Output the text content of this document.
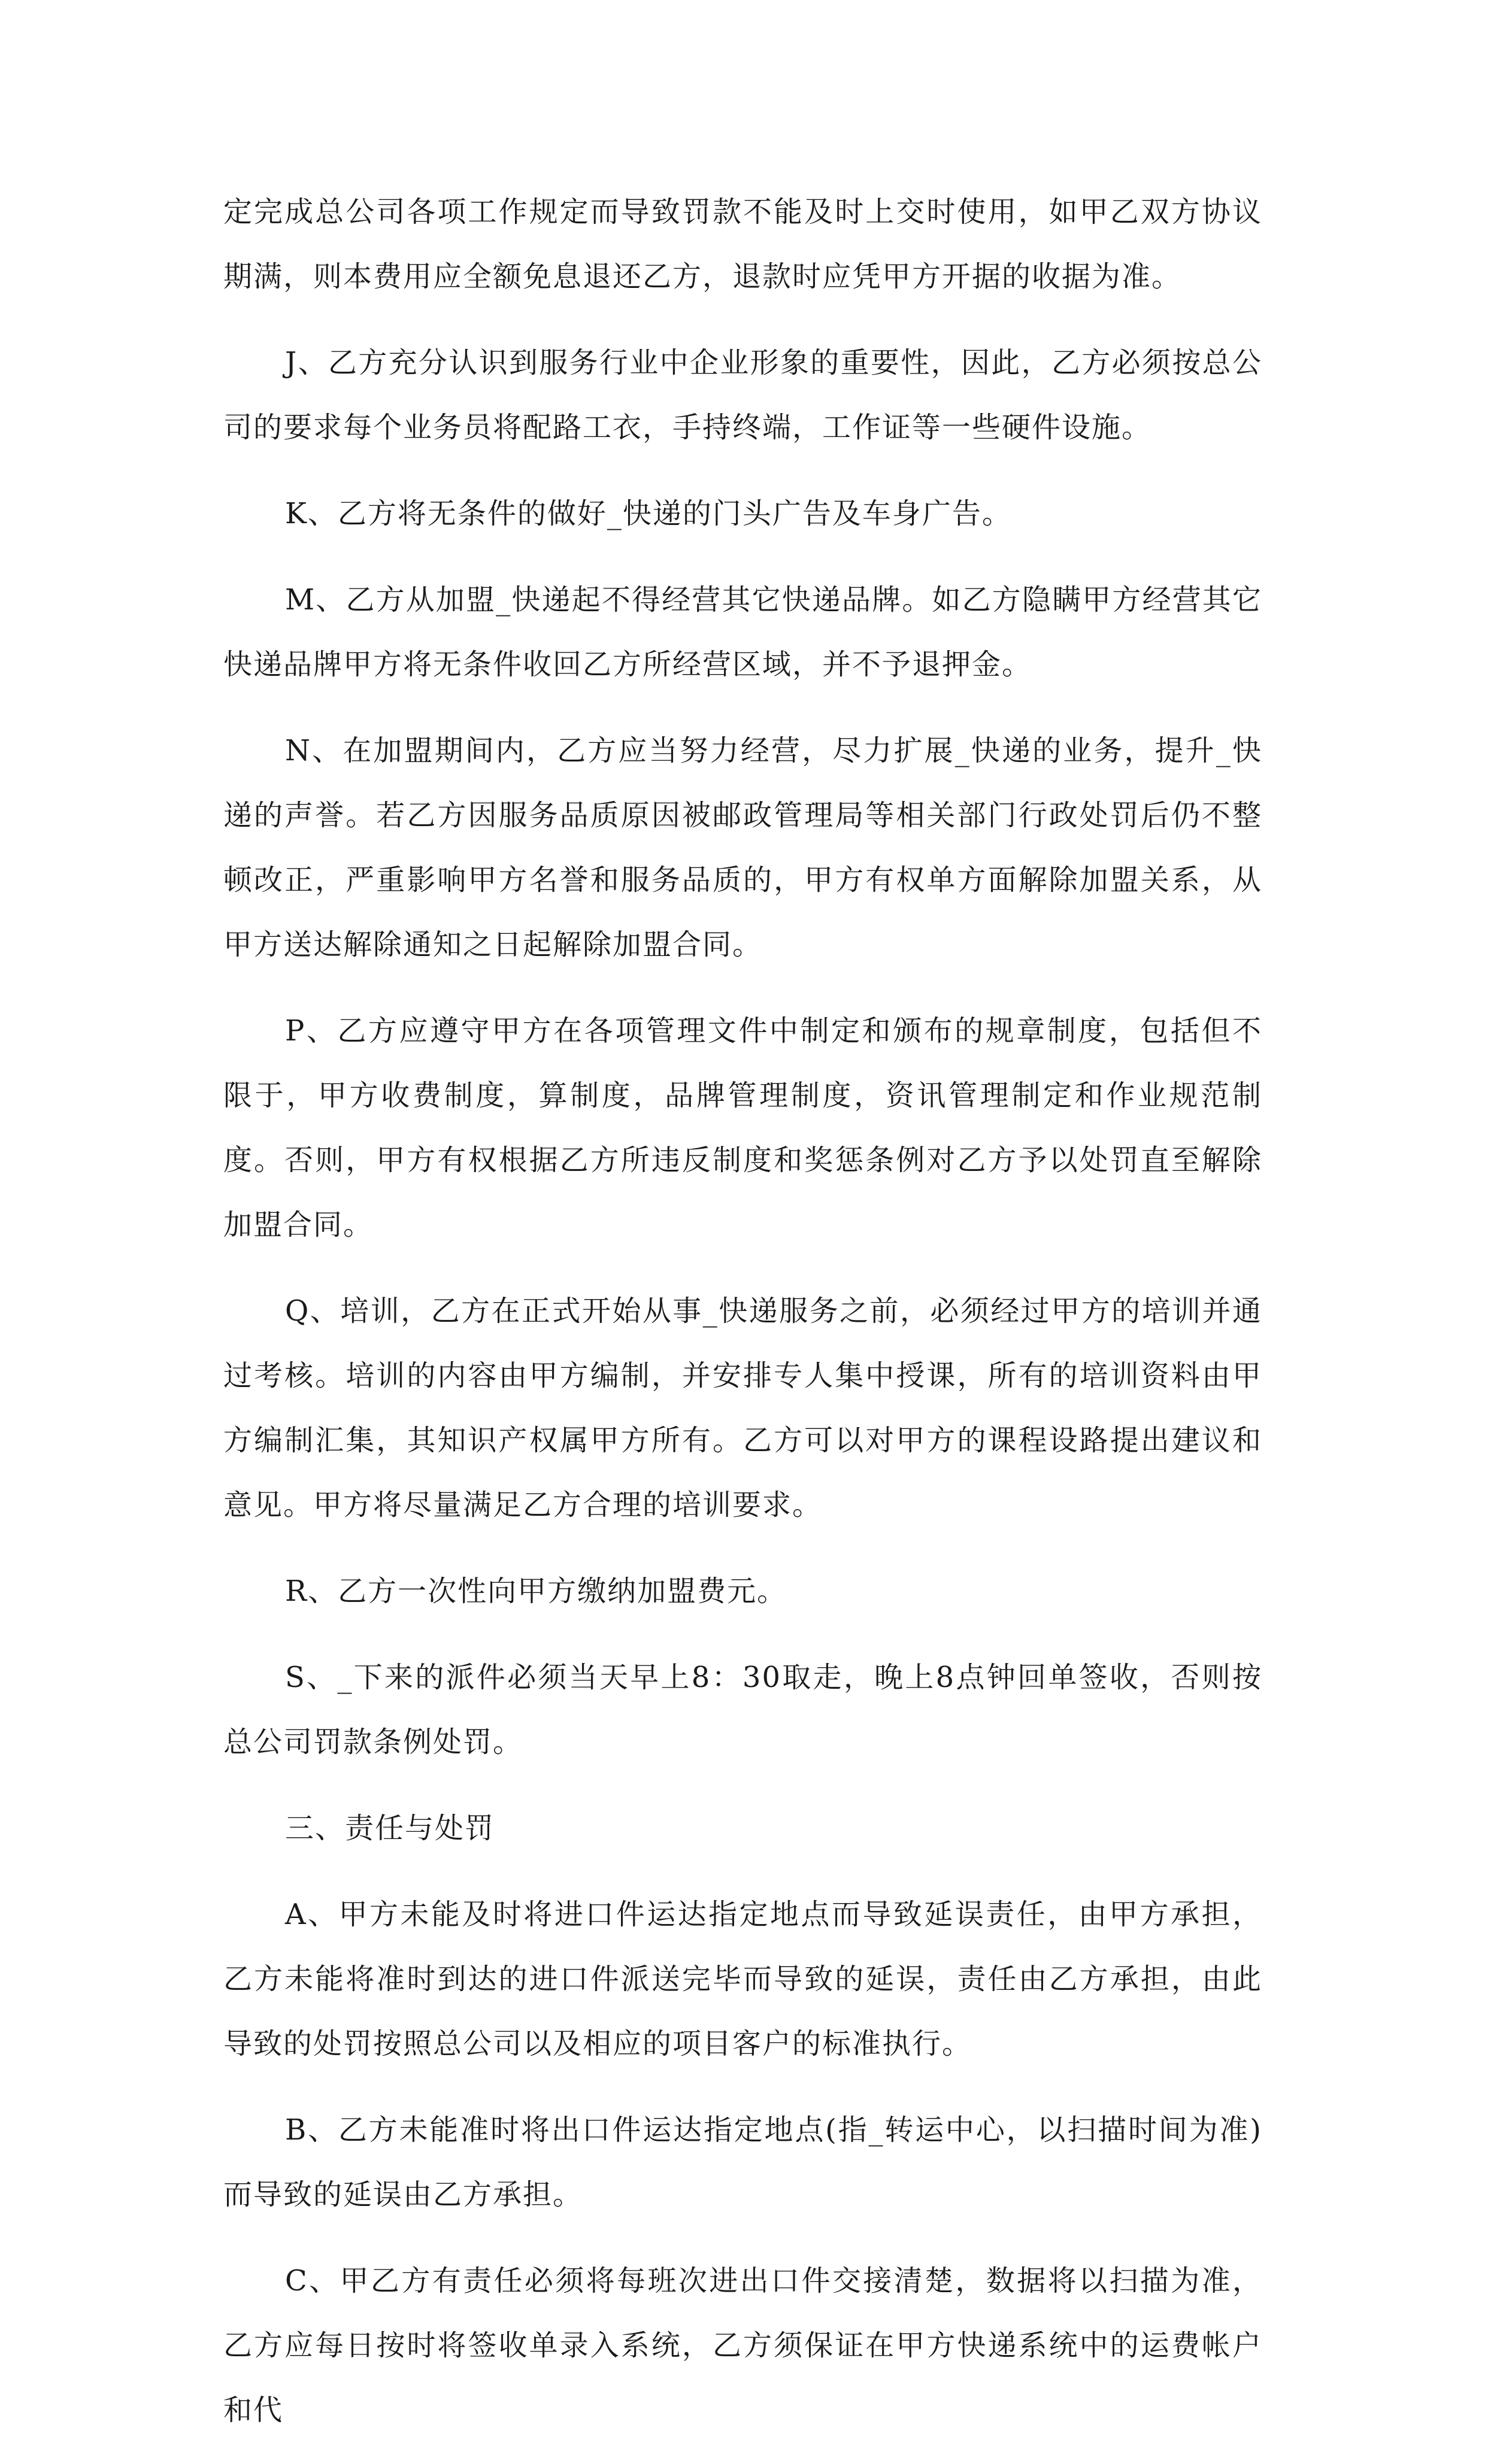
定完成总公司各项工作规定而导致罚款不能及时上交时使用，如甲乙双方协议期满，则本费用应全额免息退还乙方，退款时应凭甲方开据的收据为准。

J、乙方充分认识到服务行业中企业形象的重要性，因此，乙方必须按总公司的要求每个业务员将配路工衣，手持终端，工作证等一些硬件设施。

K、乙方将无条件的做好_快递的门头广告及车身广告。

M、乙方从加盟_快递起不得经营其它快递品牌。如乙方隐瞒甲方经营其它快递品牌甲方将无条件收回乙方所经营区域，并不予退押金。

N、在加盟期间内，乙方应当努力经营，尽力扩展_快递的业务，提升_快递的声誉。若乙方因服务品质原因被邮政管理局等相关部门行政处罚后仍不整顿改正，严重影响甲方名誉和服务品质的，甲方有权单方面解除加盟关系，从甲方送达解除通知之日起解除加盟合同。

P、乙方应遵守甲方在各项管理文件中制定和颁布的规章制度，包括但不限于，甲方收费制度，算制度，品牌管理制度，资讯管理制定和作业规范制度。否则，甲方有权根据乙方所违反制度和奖惩条例对乙方予以处罚直至解除加盟合同。

Q、培训，乙方在正式开始从事_快递服务之前，必须经过甲方的培训并通过考核。培训的内容由甲方编制，并安排专人集中授课，所有的培训资料由甲方编制汇集，其知识产权属甲方所有。乙方可以对甲方的课程设路提出建议和意见。甲方将尽量满足乙方合理的培训要求。

R、乙方一次性向甲方缴纳加盟费元。

S、_下来的派件必须当天早上8：30取走，晚上8点钟回单签收，否则按总公司罚款条例处罚。

三、责任与处罚

A、甲方未能及时将进口件运达指定地点而导致延误责任，由甲方承担，乙方未能将准时到达的进口件派送完毕而导致的延误，责任由乙方承担，由此导致的处罚按照总公司以及相应的项目客户的标准执行。

B、乙方未能准时将出口件运达指定地点(指_转运中心，以扫描时间为准)而导致的延误由乙方承担。

C、甲乙方有责任必须将每班次进出口件交接清楚，数据将以扫描为准，乙方应每日按时将签收单录入系统，乙方须保证在甲方快递系统中的运费帐户和代
